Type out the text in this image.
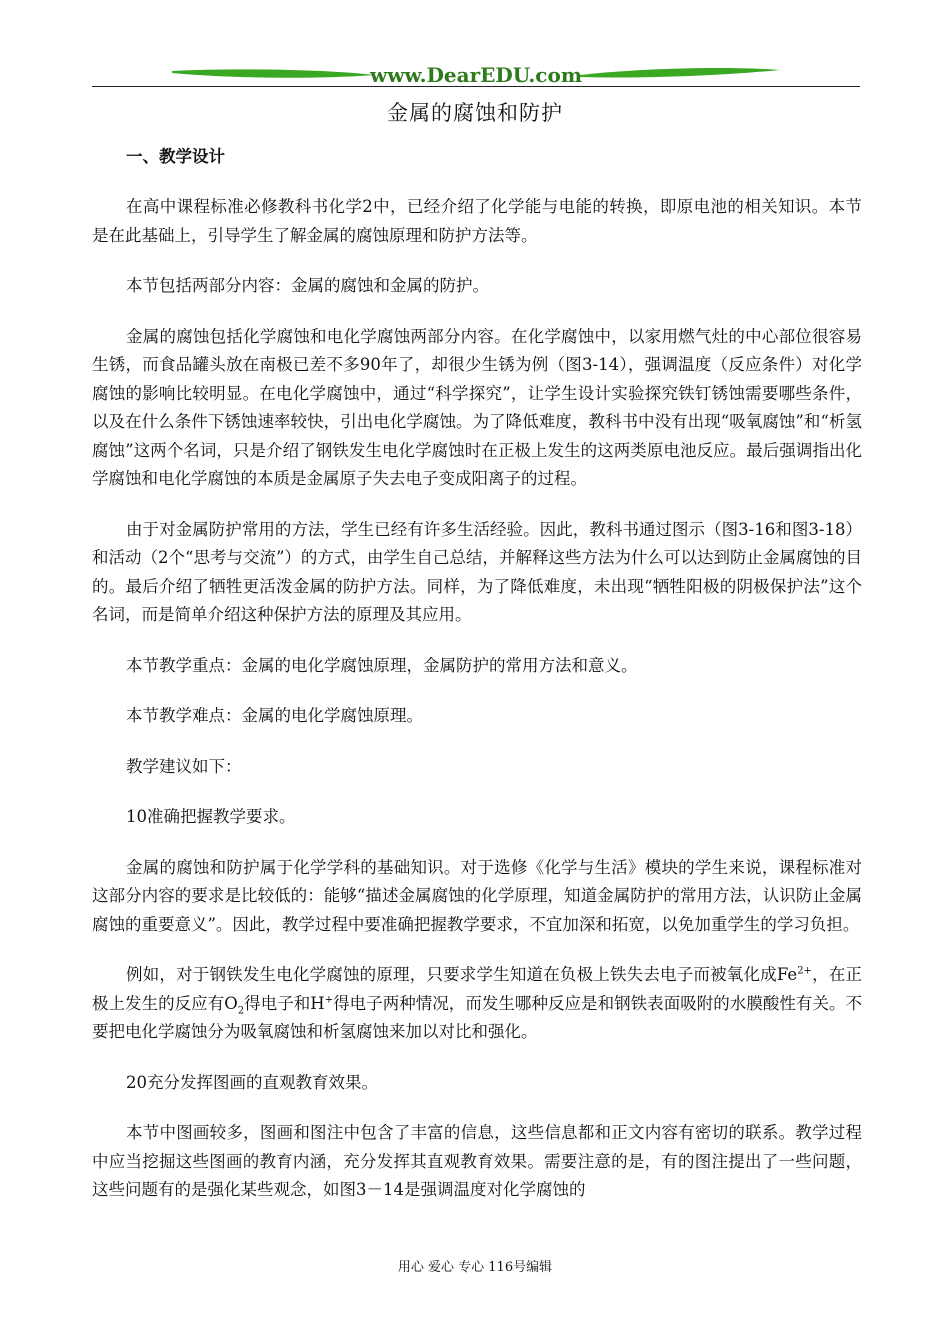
www.DearEDU.com
金属的腐蚀和防护
一、教学设计

在高中课程标准必修教科书化学2中，已经介绍了化学能与电能的转换，即原电池的相关知识。本节是在此基础上，引导学生了解金属的腐蚀原理和防护方法等。

本节包括两部分内容：金属的腐蚀和金属的防护。

金属的腐蚀包括化学腐蚀和电化学腐蚀两部分内容。在化学腐蚀中，以家用燃气灶的中心部位很容易生锈，而食品罐头放在南极已差不多90年了，却很少生锈为例（图3-14），强调温度（反应条件）对化学腐蚀的影响比较明显。在电化学腐蚀中，通过“科学探究”，让学生设计实验探究铁钉锈蚀需要哪些条件，以及在什么条件下锈蚀速率较快，引出电化学腐蚀。为了降低难度，教科书中没有出现“吸氧腐蚀”和“析氢腐蚀”这两个名词，只是介绍了钢铁发生电化学腐蚀时在正极上发生的这两类原电池反应。最后强调指出化学腐蚀和电化学腐蚀的本质是金属原子失去电子变成阳离子的过程。

由于对金属防护常用的方法，学生已经有许多生活经验。因此，教科书通过图示（图3-16和图3-18）和活动（2个“思考与交流”）的方式，由学生自己总结，并解释这些方法为什么可以达到防止金属腐蚀的目的。最后介绍了牺牲更活泼金属的防护方法。同样，为了降低难度，未出现“牺牲阳极的阴极保护法”这个名词，而是简单介绍这种保护方法的原理及其应用。

本节教学重点：金属的电化学腐蚀原理，金属防护的常用方法和意义。

本节教学难点：金属的电化学腐蚀原理。

教学建议如下：

10准确把握教学要求。

金属的腐蚀和防护属于化学学科的基础知识。对于选修《化学与生活》模块的学生来说，课程标准对这部分内容的要求是比较低的：能够“描述金属腐蚀的化学原理，知道金属防护的常用方法，认识防止金属腐蚀的重要意义”。因此，教学过程中要准确把握教学要求，不宜加深和拓宽，以免加重学生的学习负担。

例如，对于钢铁发生电化学腐蚀的原理，只要求学生知道在负极上铁失去电子而被氧化成$Fe^{2+}$，在正极上发生的反应有$O_2$得电子和H+得电子两种情况，而发生哪种反应是和钢铁表面吸附的水膜酸性有关。不要把电化学腐蚀分为吸氧腐蚀和析氢腐蚀来加以对比和强化。

20充分发挥图画的直观教育效果。

本节中图画较多，图画和图注中包含了丰富的信息，这些信息都和正文内容有密切的联系。教学过程中应当挖掘这些图画的教育内涵，充分发挥其直观教育效果。需要注意的是，有的图注提出了一些问题，这些问题有的是强化某些观念，如图3－14是强调温度对化学腐蚀的

用心 爱心 专心 116号编辑
